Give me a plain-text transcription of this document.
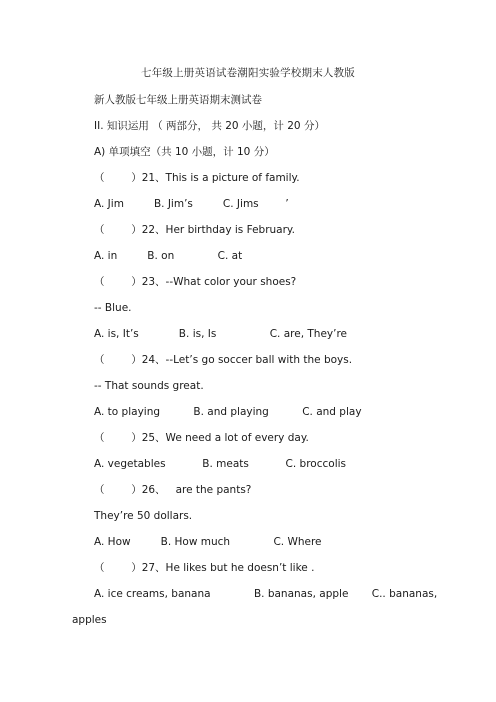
七年级上册英语试卷潮阳实验学校期末人教版
新人教版七年级上册英语期末测试卷
II. 知识运用 （ 两部分， 共 20 小题，计 20 分）
A) 单项填空（共 10 小题，计 10 分）
（        ）21、This is a picture of family.
A. Jim         B. Jim’s         C. Jims        ’
（        ）22、Her birthday is February.
A. in         B. on             C. at
（        ）23、--What color your shoes?
-- Blue.
A. is, It’s            B. is, Is                C. are, They’re
（        ）24、--Let’s go soccer ball with the boys.
-- That sounds great.
A. to playing          B. and playing          C. and play
（        ）25、We need a lot of every day.
A. vegetables           B. meats           C. broccolis
（        ）26、   are the pants?
They’re 50 dollars.
A. How         B. How much             C. Where
（        ）27、He likes but he doesn’t like .
A. ice creams, banana             B. bananas, apple       C.. bananas,
apples
